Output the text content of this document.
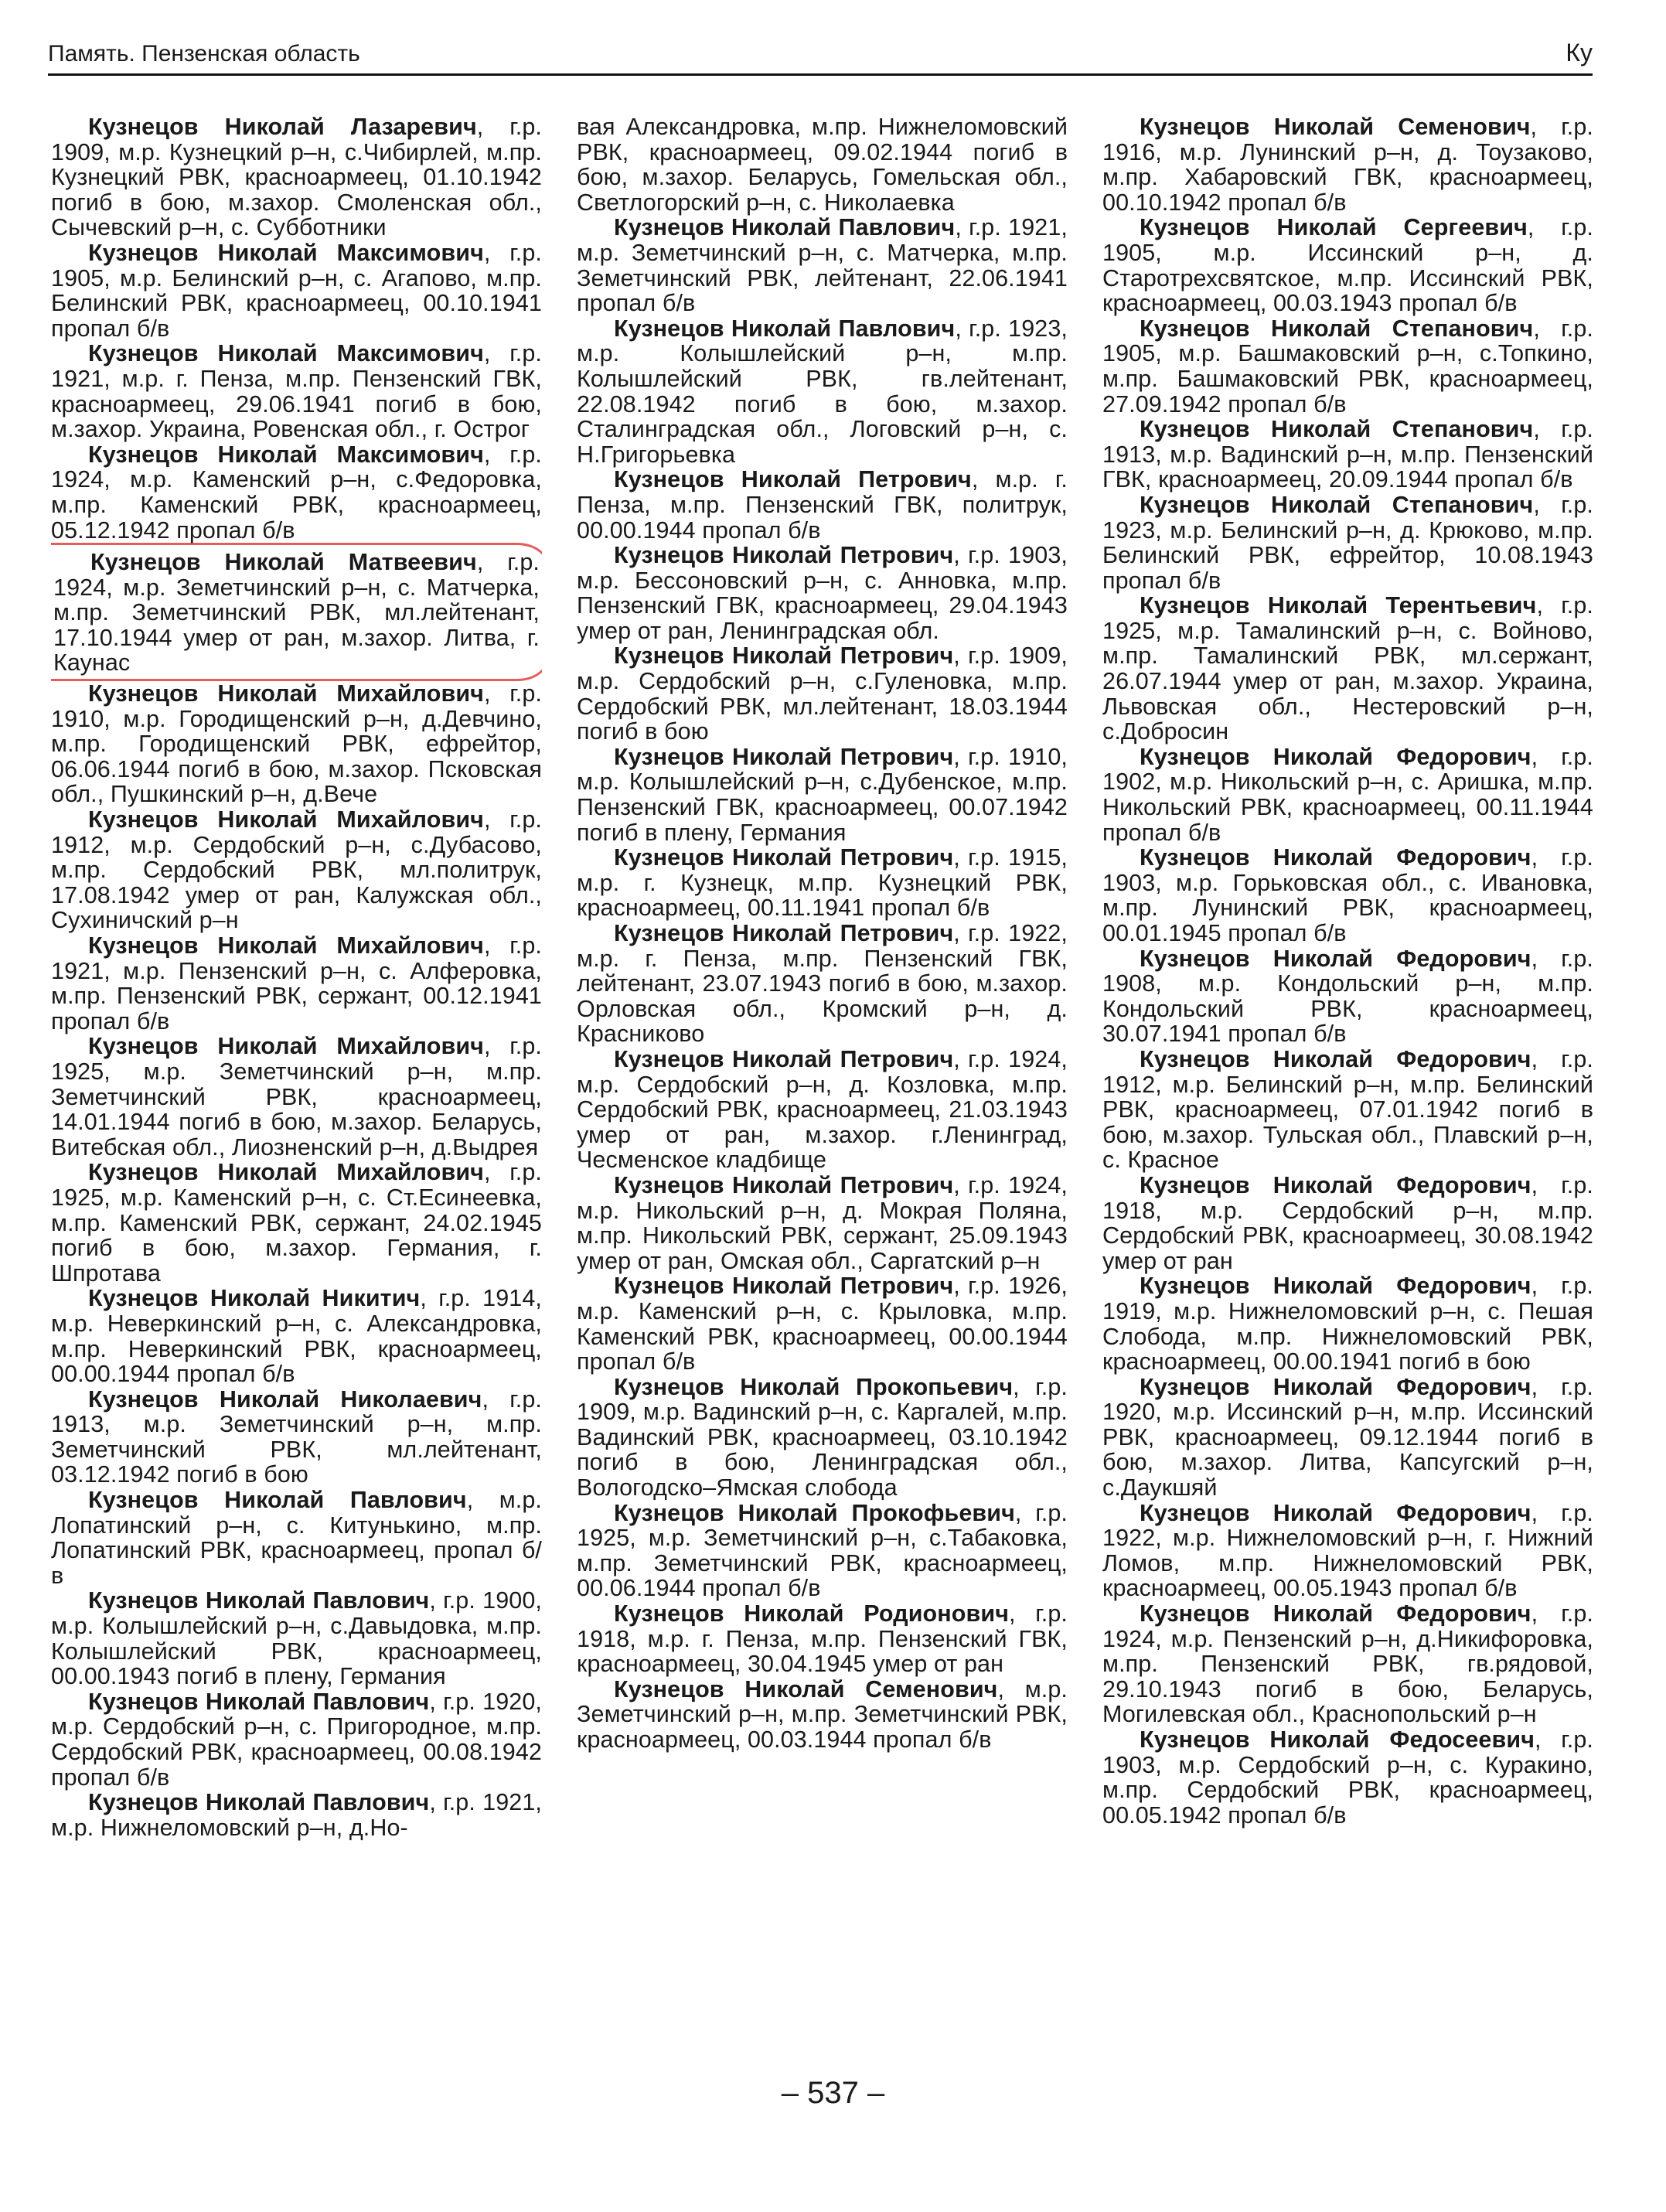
Память. Пензенская область	Ку

Кузнецов Николай Лазаревич, г.р. 1909, м.р. Кузнецкий р–н, с.Чибирлей, м.пр. Кузнецкий РВК, красноармеец, 01.10.1942 погиб в бою, м.захор. Смоленская обл., Сычевский р–н, с. Субботники

Кузнецов Николай Максимович, г.р. 1905, м.р. Белинский р–н, с. Агапово, м.пр. Белинский РВК, красноармеец, 00.10.1941 пропал б/в

Кузнецов Николай Максимович, г.р. 1921, м.р. г. Пенза, м.пр. Пензенский ГВК, красноармеец, 29.06.1941 погиб в бою, м.захор. Украина, Ровенская обл., г. Острог

Кузнецов Николай Максимович, г.р. 1924, м.р. Каменский р–н, с.Федоровка, м.пр. Каменский РВК, красноармеец, 05.12.1942 пропал б/в

Кузнецов Николай Матвеевич, г.р. 1924, м.р. Земетчинский р–н, с. Матчерка, м.пр. Земетчинский РВК, мл.лейтенант, 17.10.1944 умер от ран, м.захор. Литва, г. Каунас

Кузнецов Николай Михайлович, г.р. 1910, м.р. Городищенский р–н, д.Девчино, м.пр. Городищенский РВК, ефрейтор, 06.06.1944 погиб в бою, м.захор. Псковская обл., Пушкинский р–н, д.Вече

Кузнецов Николай Михайлович, г.р. 1912, м.р. Сердобский р–н, с.Дубасово, м.пр. Сердобский РВК, мл.политрук, 17.08.1942 умер от ран, Калужская обл., Сухиничский р–н

Кузнецов Николай Михайлович, г.р. 1921, м.р. Пензенский р–н, с. Алферовка, м.пр. Пензенский РВК, сержант, 00.12.1941 пропал б/в

Кузнецов Николай Михайлович, г.р. 1925, м.р. Земетчинский р–н, м.пр. Земетчинский РВК, красноармеец, 14.01.1944 погиб в бою, м.захор. Беларусь, Витебская обл., Лиозненский р–н, д.Выдрея

Кузнецов Николай Михайлович, г.р. 1925, м.р. Каменский р–н, с. Ст.Есинеевка, м.пр. Каменский РВК, сержант, 24.02.1945 погиб в бою, м.захор. Германия, г. Шпротава

Кузнецов Николай Никитич, г.р. 1914, м.р. Неверкинский р–н, с. Александровка, м.пр. Неверкинский РВК, красноармеец, 00.00.1944 пропал б/в

Кузнецов Николай Николаевич, г.р. 1913, м.р. Земетчинский р–н, м.пр. Земетчинский РВК, мл.лейтенант, 03.12.1942 погиб в бою

Кузнецов Николай Павлович, м.р. Лопатинский р–н, с. Китунькино, м.пр. Лопатинский РВК, красноармеец, пропал б/в

Кузнецов Николай Павлович, г.р. 1900, м.р. Колышлейский р–н, с.Давыдовка, м.пр. Колышлейский РВК, красноармеец, 00.00.1943 погиб в плену, Германия

Кузнецов Николай Павлович, г.р. 1920, м.р. Сердобский р–н, с. Пригородное, м.пр. Сердобский РВК, красноармеец, 00.08.1942 пропал б/в

Кузнецов Николай Павлович, г.р. 1921, м.р. Нижнеломовский р–н, д.Но-

вая Александровка, м.пр. Нижнеломовский РВК, красноармеец, 09.02.1944 погиб в бою, м.захор. Беларусь, Гомельская обл., Светлогорский р–н, с. Николаевка

Кузнецов Николай Павлович, г.р. 1921, м.р. Земетчинский р–н, с. Матчерка, м.пр. Земетчинский РВК, лейтенант, 22.06.1941 пропал б/в

Кузнецов Николай Павлович, г.р. 1923, м.р. Колышлейский р–н, м.пр. Колышлейский РВК, гв.лейтенант, 22.08.1942 погиб в бою, м.захор. Сталинградская обл., Логовский р–н, с. Н.Григорьевка

Кузнецов Николай Петрович, м.р. г. Пенза, м.пр. Пензенский ГВК, политрук, 00.00.1944 пропал б/в

Кузнецов Николай Петрович, г.р. 1903, м.р. Бессоновский р–н, с. Анновка, м.пр. Пензенский ГВК, красноармеец, 29.04.1943 умер от ран, Ленинградская обл.

Кузнецов Николай Петрович, г.р. 1909, м.р. Сердобский р–н, с.Гуленовка, м.пр. Сердобский РВК, мл.лейтенант, 18.03.1944 погиб в бою

Кузнецов Николай Петрович, г.р. 1910, м.р. Колышлейский р–н, с.Дубенское, м.пр. Пензенский ГВК, красноармеец, 00.07.1942 погиб в плену, Германия

Кузнецов Николай Петрович, г.р. 1915, м.р. г. Кузнецк, м.пр. Кузнецкий РВК, красноармеец, 00.11.1941 пропал б/в

Кузнецов Николай Петрович, г.р. 1922, м.р. г. Пенза, м.пр. Пензенский ГВК, лейтенант, 23.07.1943 погиб в бою, м.захор. Орловская обл., Кромский р–н, д. Красниково

Кузнецов Николай Петрович, г.р. 1924, м.р. Сердобский р–н, д. Козловка, м.пр. Сердобский РВК, красноармеец, 21.03.1943 умер от ран, м.захор. г.Ленинград, Чесменское кладбище

Кузнецов Николай Петрович, г.р. 1924, м.р. Никольский р–н, д. Мокрая Поляна, м.пр. Никольский РВК, сержант, 25.09.1943 умер от ран, Омская обл., Саргатский р–н

Кузнецов Николай Петрович, г.р. 1926, м.р. Каменский р–н, с. Крыловка, м.пр. Каменский РВК, красноармеец, 00.00.1944 пропал б/в

Кузнецов Николай Прокопьевич, г.р. 1909, м.р. Вадинский р–н, с. Каргалей, м.пр. Вадинский РВК, красноармеец, 03.10.1942 погиб в бою, Ленинградская обл., Вологодско–Ямская слобода

Кузнецов Николай Прокофьевич, г.р. 1925, м.р. Земетчинский р–н, с.Табаковка, м.пр. Земетчинский РВК, красноармеец, 00.06.1944 пропал б/в

Кузнецов Николай Родионович, г.р. 1918, м.р. г. Пенза, м.пр. Пензенский ГВК, красноармеец, 30.04.1945 умер от ран

Кузнецов Николай Семенович, м.р. Земетчинский р–н, м.пр. Земетчинский РВК, красноармеец, 00.03.1944 пропал б/в

Кузнецов Николай Семенович, г.р. 1916, м.р. Лунинский р–н, д. Тоузаково, м.пр. Хабаровский ГВК, красноармеец, 00.10.1942 пропал б/в

Кузнецов Николай Сергеевич, г.р. 1905, м.р. Иссинский р–н, д. Старотрехсвятское, м.пр. Иссинский РВК, красноармеец, 00.03.1943 пропал б/в

Кузнецов Николай Степанович, г.р. 1905, м.р. Башмаковский р–н, с.Топкино, м.пр. Башмаковский РВК, красноармеец, 27.09.1942 пропал б/в

Кузнецов Николай Степанович, г.р. 1913, м.р. Вадинский р–н, м.пр. Пензенский ГВК, красноармеец, 20.09.1944 пропал б/в

Кузнецов Николай Степанович, г.р. 1923, м.р. Белинский р–н, д. Крюково, м.пр. Белинский РВК, ефрейтор, 10.08.1943 пропал б/в

Кузнецов Николай Терентьевич, г.р. 1925, м.р. Тамалинский р–н, с. Войново, м.пр. Тамалинский РВК, мл.сержант, 26.07.1944 умер от ран, м.захор. Украина, Львовская обл., Нестеровский р–н, с.Добросин

Кузнецов Николай Федорович, г.р. 1902, м.р. Никольский р–н, с. Аришка, м.пр. Никольский РВК, красноармеец, 00.11.1944 пропал б/в

Кузнецов Николай Федорович, г.р. 1903, м.р. Горьковская обл., с. Ивановка, м.пр. Лунинский РВК, красноармеец, 00.01.1945 пропал б/в

Кузнецов Николай Федорович, г.р. 1908, м.р. Кондольский р–н, м.пр. Кондольский РВК, красноармеец, 30.07.1941 пропал б/в

Кузнецов Николай Федорович, г.р. 1912, м.р. Белинский р–н, м.пр. Белинский РВК, красноармеец, 07.01.1942 погиб в бою, м.захор. Тульская обл., Плавский р–н, с. Красное

Кузнецов Николай Федорович, г.р. 1918, м.р. Сердобский р–н, м.пр. Сердобский РВК, красноармеец, 30.08.1942 умер от ран

Кузнецов Николай Федорович, г.р. 1919, м.р. Нижнеломовский р–н, с. Пешая Слобода, м.пр. Нижнеломовский РВК, красноармеец, 00.00.1941 погиб в бою

Кузнецов Николай Федорович, г.р. 1920, м.р. Иссинский р–н, м.пр. Иссинский РВК, красноармеец, 09.12.1944 погиб в бою, м.захор. Литва, Капсугский р–н, с.Даукшяй

Кузнецов Николай Федорович, г.р. 1922, м.р. Нижнеломовский р–н, г. Нижний Ломов, м.пр. Нижнеломовский РВК, красноармеец, 00.05.1943 пропал б/в

Кузнецов Николай Федорович, г.р. 1924, м.р. Пензенский р–н, д.Никифоровка, м.пр. Пензенский РВК, гв.рядовой, 29.10.1943 погиб в бою, Беларусь, Могилевская обл., Краснопольский р–н

Кузнецов Николай Федосеевич, г.р. 1903, м.р. Сердобский р–н, с. Куракино, м.пр. Сердобский РВК, красноармеец, 00.05.1942 пропал б/в

– 537 –
